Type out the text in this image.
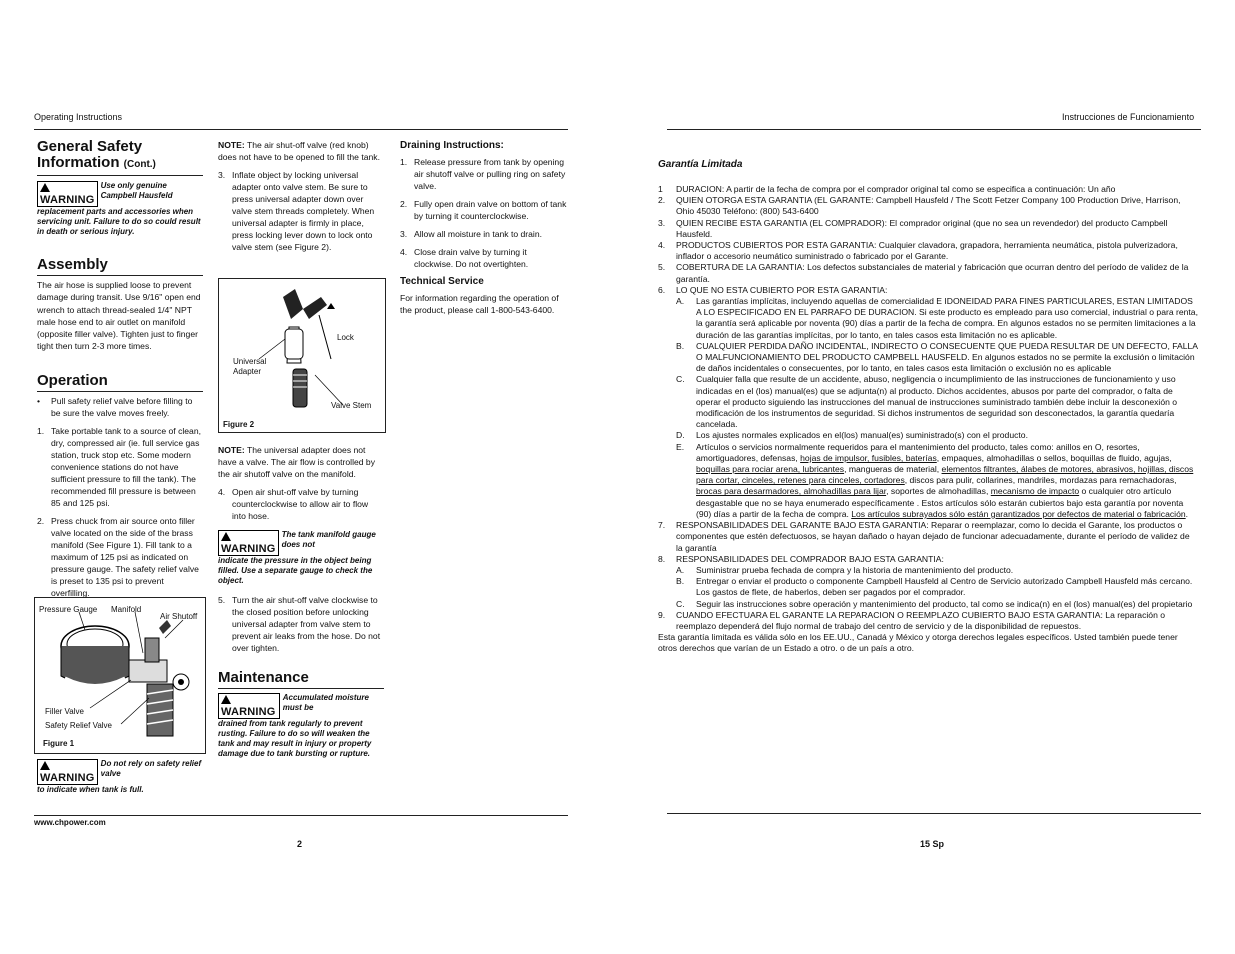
Operating Instructions
General Safety Information (Cont.)
WARNING
Use only genuine Campbell Hausfeld
replacement parts and accessories when servicing unit. Failure to do so could result in death or serious injury.
Assembly

The air hose is supplied loose to prevent damage during transit. Use 9/16" open end wrench to attach thread-sealed 1/4" NPT male hose end to air outlet on manifold (opposite filler valve). Tighten just to finger tight then turn 2-3 more times.

Operation
•	Pull safety relief valve before filling to be sure the valve moves freely.
1. Take portable tank to a source of clean, dry, compressed air (ie. full service gas station, truck stop etc. Some modern convenience stations do not have sufficient pressure to fill the tank). The recommended fill pressure is between 85 and 125 psi.
2. Press chuck from air source onto filler valve located on the side of the brass manifold (See Figure 1). Fill tank to a maximum of 125 psi as indicated on pressure gauge. The safety relief valve is preset to 135 psi to prevent overfilling.
Pressure Gauge Manifold
Air Shutoff
Filler Valve
Safety Relief Valve
Figure 1
WARNING
Do not rely on safety relief valve
to indicate when tank is full.

NOTE: The air shut-off valve (red knob) does not have to be opened to fill the tank.

3. Inflate object by locking universal adapter onto valve stem. Be sure to press universal adapter down over valve stem threads completely. When universal adapter is firmly in place, press locking lever down to lock onto valve stem (see Figure 2).
Lock
Universal
Adapter
Valve Stem
Figure 2

NOTE: The universal adapter does not have a valve. The air flow is controlled by the air shutoff valve on the manifold.

4. Open air shut-off valve by turning counterclockwise to allow air to flow into hose.
WARNING
The tank manifold gauge does not
indicate the pressure in the object being filled. Use a separate gauge to check the object.
5. Turn the air shut-off valve clockwise to the closed position before unlocking universal adapter from valve stem to prevent air leaks from the hose. Do not over tighten.
Maintenance
WARNING
Accumulated moisture must be
drained from tank regularly to prevent rusting. Failure to do so will weaken the tank and may result in injury or property damage due to tank bursting or rupture.
Draining Instructions:
1. Release pressure from tank by opening air shutoff valve or pulling ring on safety valve.
2. Fully open drain valve on bottom of tank by turning it counterclockwise.
3. Allow all moisture in tank to drain.
4. Close drain valve by turning it clockwise. Do not overtighten.
Technical Service

For information regarding the operation of the product, please call 1-800-543-6400.

www.chpower.com
2
Instrucciones de Funcionamiento
Garantía Limitada
1	DURACION: A partir de la fecha de compra por el comprador original tal como se especifica a continuación: Un año
2.	QUIEN OTORGA ESTA GARANTIA (EL GARANTE: Campbell Hausfeld / The Scott Fetzer Company 100 Production Drive, Harrison, Ohio 45030 Teléfono: (800) 543-6400
3.	QUIEN RECIBE ESTA GARANTIA (EL COMPRADOR): El comprador original (que no sea un revendedor) del producto Campbell Hausfeld.
4.	PRODUCTOS CUBIERTOS POR ESTA GARANTIA: Cualquier clavadora, grapadora, herramienta neumática, pistola pulverizadora, inflador o accesorio neumático suministrado o fabricado por el Garante.
5.	COBERTURA DE LA GARANTIA: Los defectos substanciales de material y fabricación que ocurran dentro del período de validez de la garantía.
6.	LO QUE NO ESTA CUBIERTO POR ESTA GARANTIA:
A.	Las garantías implícitas, incluyendo aquellas de comercialidad E IDONEIDAD PARA FINES PARTICULARES, ESTAN LIMITADOS A LO ESPECIFICADO EN EL PARRAFO DE DURACION. Si este producto es empleado para uso comercial, industrial o para renta, la garantía será aplicable por noventa (90) días a partir de la fecha de compra. En algunos estados no se permiten limitaciones a la duración de las garantías implícitas, por lo tanto, en tales casos esta limitación no es aplicable.
B.	CUALQUIER PERDIDA DAÑO INCIDENTAL, INDIRECTO O CONSECUENTE QUE PUEDA RESULTAR DE UN DEFECTO, FALLA O MALFUNCIONAMIENTO DEL PRODUCTO CAMPBELL HAUSFELD. En algunos estados no se permite la exclusión o limitación de daños incidentales o consecuentes, por lo tanto, en tales casos esta limitación o exclusión no es aplicable
C.	Cualquier falla que resulte de un accidente, abuso, negligencia o incumplimiento de las instrucciones de funcionamiento y uso indicadas en el (los) manual(es) que se adjunta(n) al producto. Dichos accidentes, abusos por parte del comprador, o falta de operar el producto siguiendo las instrucciones del manual de instrucciones suministrado también debe incluir la desconexión o modificación de los instrumentos de seguridad. Si dichos instrumentos de seguridad son desconectados, la garantía quedaría cancelada.
D.	Los ajustes normales explicados en el(los) manual(es) suministrado(s) con el producto.
E.	Artículos o servicios normalmente requeridos para el mantenimiento del producto, tales como: anillos en O, resortes, amortiguadores, defensas, hojas de impulsor, fusibles, baterías, empaques, almohadillas o sellos, boquillas de fluido, agujas, boquillas para rociar arena, lubricantes, mangueras de material, elementos filtrantes, álabes de motores, abrasivos, hojillas, discos para cortar, cinceles, retenes para cinceles, cortadores, discos para pulir, collarines, mandriles, mordazas para remachadoras, brocas para desarmadores, almohadillas para lijar, soportes de almohadillas, mecanismo de impacto o cualquier otro artículo desgastable que no se haya enumerado específicamente . Estos artículos sólo estarán cubiertos bajo esta garantía por noventa (90) días a partir de la fecha de compra. Los artículos subrayados sólo están garantizados por defectos de material o fabricación.
7.	RESPONSABILIDADES DEL GARANTE BAJO ESTA GARANTIA: Reparar o reemplazar, como lo decida el Garante, los productos o componentes que estén defectuosos, se hayan dañado o hayan dejado de funcionar adecuadamente, durante el período de validez de la garantía
8.	RESPONSABILIDADES DEL COMPRADOR BAJO ESTA GARANTIA:
A.	Suministrar prueba fechada de compra y la historia de mantenimiento del producto.
B.	Entregar o enviar el producto o componente Campbell Hausfeld al Centro de Servicio autorizado Campbell Hausfeld más cercano. Los gastos de flete, de haberlos, deben ser pagados por el comprador.
C.	Seguir las instrucciones sobre operación y mantenimiento del producto, tal como se indica(n) en el (los) manual(es) del propietario
9.	CUANDO EFECTUARA EL GARANTE LA REPARACION O REEMPLAZO CUBIERTO BAJO ESTA GARANTIA: La reparación o reemplazo dependerá del flujo normal de trabajo del centro de servicio y de la disponibilidad de repuestos.
Esta garantía limitada es válida sólo en los EE.UU., Canadá y México y otorga derechos legales específicos. Usted también puede tener otros derechos que varían de un Estado a otro. o de un país a otro.
15 Sp
